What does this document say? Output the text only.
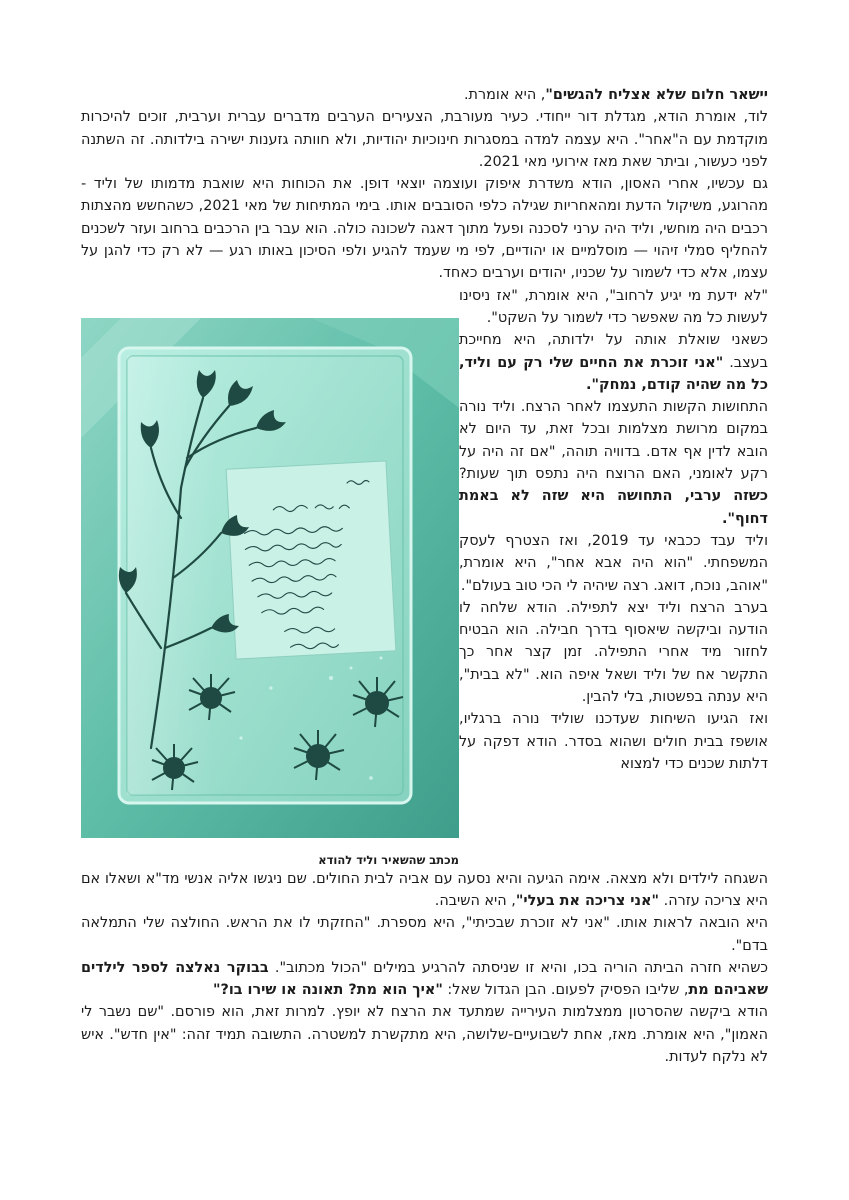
יישאר חלום שלא אצליח להגשים", היא אומרת.

לוד, אומרת הודא, מגדלת דור ייחודי. כעיר מעורבת, הצעירים הערבים מדברים עברית וערבית, זוכים להיכרות מוקדמת עם ה"אחר". היא עצמה למדה במסגרות חינוכיות יהודיות, ולא חוותה גזענות ישירה בילדותה. זה השתנה לפני כעשור, וביתר שאת מאז אירועי מאי 2021.

גם עכשיו, אחרי האסון, הודא משדרת איפוק ועוצמה יוצאי דופן. את הכוחות היא שואבת מדמותו של וליד - מהרוגע, משיקול הדעת ומהאחריות שגילה כלפי הסובבים אותו. בימי המתיחות של מאי 2021, כשהחשש מהצתות רכבים היה מוחשי, וליד היה ערני לסכנה ופעל מתוך דאגה לשכונה כולה. הוא עבר בין הרכבים ברחוב ועזר לשכנים להחליף סמלי זיהוי — מוסלמיים או יהודיים, לפי מי שעמד להגיע ולפי הסיכון באותו רגע — לא רק כדי להגן על עצמו, אלא כדי לשמור על שכניו, יהודים וערבים כאחד.

מכתב שהשאיר וליד להודא

"לא ידעת מי יגיע לרחוב", היא אומרת, "אז ניסינו לעשות כל מה שאפשר כדי לשמור על השקט".

כשאני שואלת אותה על ילדותה, היא מחייכת בעצב. "אני זוכרת את החיים שלי רק עם וליד, כל מה שהיה קודם, נמחק".

התחושות הקשות התעצמו לאחר הרצח. וליד נורה במקום מרושת מצלמות ובכל זאת, עד היום לא הובא לדין אף אדם. בדוויה תוהה, "אם זה היה על רקע לאומני, האם הרוצח היה נתפס תוך שעות? כשזה ערבי, התחושה היא שזה לא באמת דחוף".

וליד עבד ככבאי עד 2019, ואז הצטרף לעסק המשפחתי. "הוא היה אבא אחר", היא אומרת, "אוהב, נוכח, דואג. רצה שיהיה לי הכי טוב בעולם".

בערב הרצח וליד יצא לתפילה. הודא שלחה לו הודעה וביקשה שיאסוף בדרך חבילה. הוא הבטיח לחזור מיד אחרי התפילה. זמן קצר אחר כך התקשר אח של וליד ושאל איפה הוא. "לא בבית", היא ענתה בפשטות, בלי להבין.

ואז הגיעו השיחות שעדכנו שוליד נורה ברגליו, אושפז בבית חולים ושהוא בסדר. הודא דפקה על דלתות שכנים כדי למצוא

השגחה לילדים ולא מצאה. אימה הגיעה והיא נסעה עם אביה לבית החולים. שם ניגשו אליה אנשי מד"א ושאלו אם היא צריכה עזרה. "אני צריכה את בעלי", היא השיבה.

היא הובאה לראות אותו. "אני לא זוכרת שבכיתי", היא מספרת. "החזקתי לו את הראש. החולצה שלי התמלאה בדם".

כשהיא חזרה הביתה הוריה בכו, והיא זו שניסתה להרגיע במילים "הכול מכתוב". בבוקר נאלצה לספר לילדים שאביהם מת, שליבו הפסיק לפעום. הבן הגדול שאל: "איך הוא מת? תאונה או שירו בו?"

הודא ביקשה שהסרטון ממצלמות העירייה שמתעד את הרצח לא יופץ. למרות זאת, הוא פורסם. "שם נשבר לי האמון", היא אומרת. מאז, אחת לשבועיים-שלושה, היא מתקשרת למשטרה. התשובה תמיד זהה: "אין חדש". איש לא נלקח לעדות.
